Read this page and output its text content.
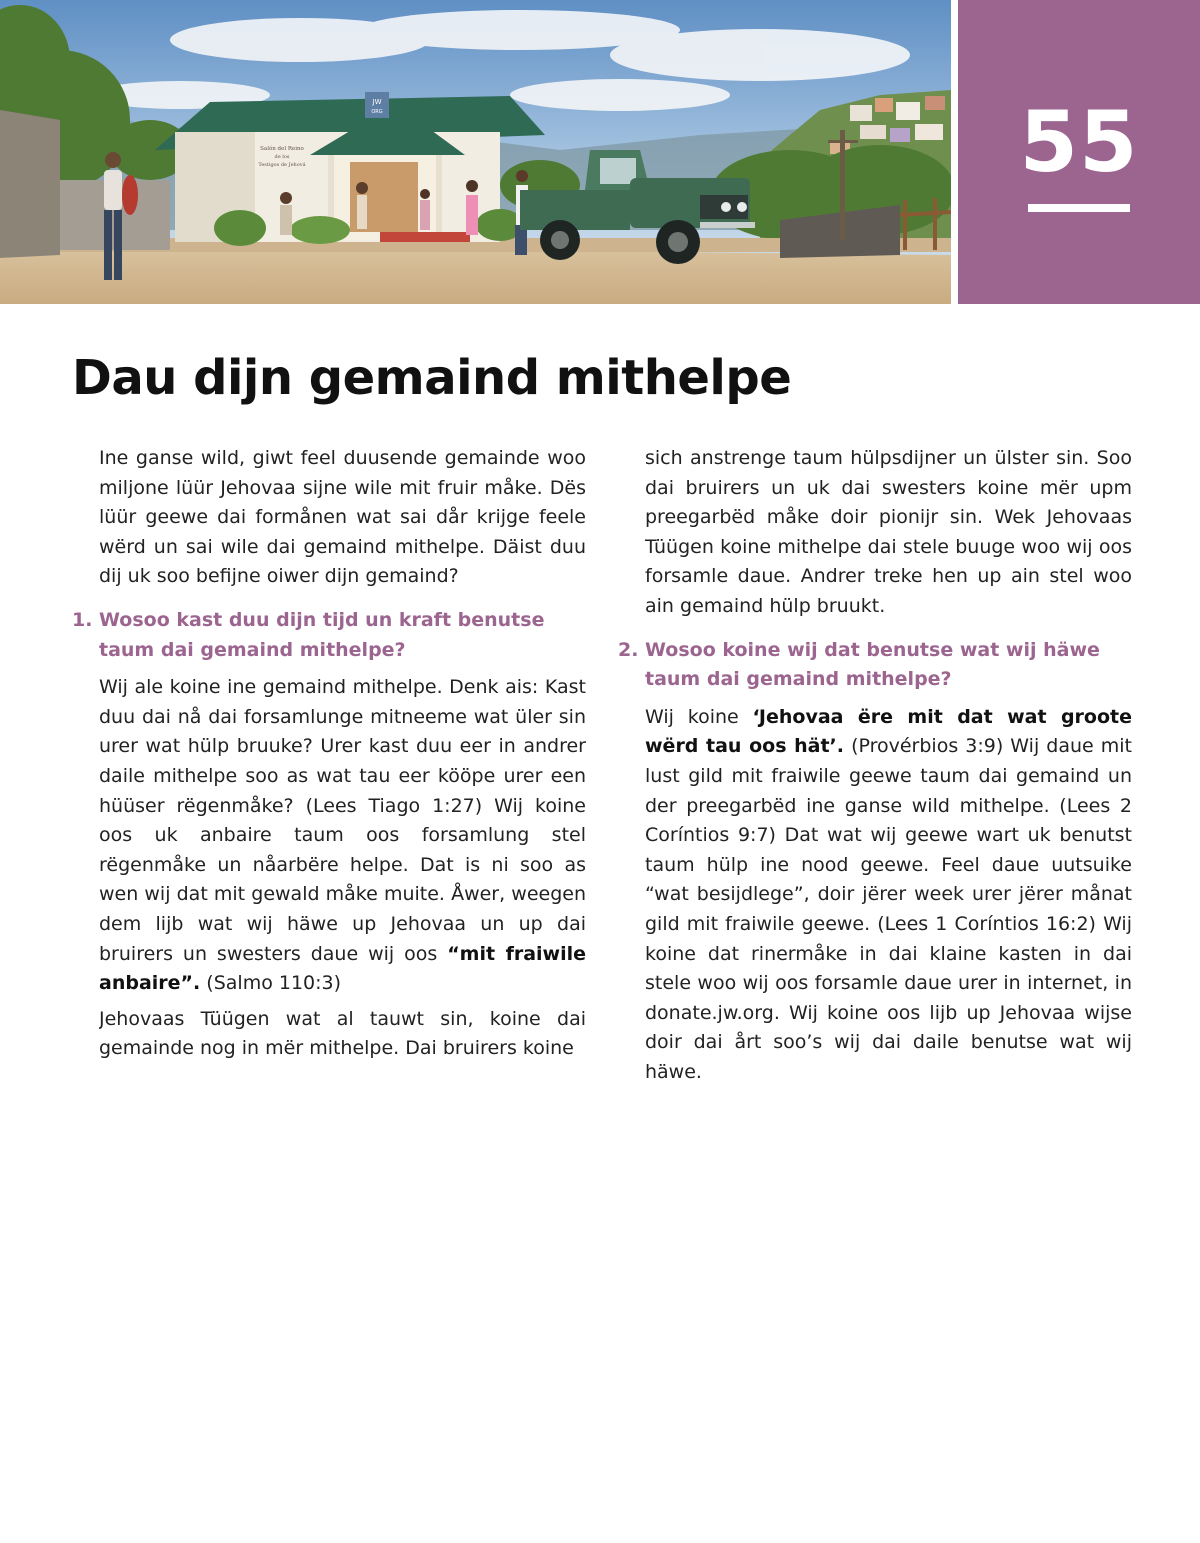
JW
ORG
Salón del Reino
de los
Testigos de Jehová	55
Dau dijn gemaind mithelpe

Ine ganse wild, giwt feel duusende gemainde woo miljone lüür Jehovaa sijne wile mit fruir måke. Dës lüür geewe dai formånen wat sai dår krijge feele wërd un sai wile dai gemaind mithelpe. Däist duu dij uk soo befijne oiwer dijn gemaind?

1. Wosoo kast duu dijn tijd un kraft benutse taum dai gemaind mithelpe?

Wij ale koine ine gemaind mithelpe. Denk ais: Kast duu dai nå dai forsamlunge mitneeme wat üler sin urer wat hülp bruuke? Urer kast duu eer in andrer daile mithelpe soo as wat tau eer kööpe urer een hüüser rëgenmåke? (Lees Tiago 1:27) Wij koine oos uk anbaire taum oos forsamlung stel rëgenmåke un nåarbëre helpe. Dat is ni soo as wen wij dat mit gewald måke muite. Åwer, weegen dem lijb wat wij häwe up Jehovaa un up dai bruirers un swesters daue wij oos “mit fraiwile anbaire”. (Salmo 110:3)

Jehovaas Tüügen wat al tauwt sin, koine dai gemainde nog in mër mithelpe. Dai bruirers koine

sich anstrenge taum hülpsdijner un ülster sin. Soo dai bruirers un uk dai swesters koine mër upm preegarbëd måke doir pionijr sin. Wek Jehovaas Tüügen koine mithelpe dai stele buuge woo wij oos forsamle daue. Andrer treke hen up ain stel woo ain gemaind hülp bruukt.

2. Wosoo koine wij dat benutse wat wij häwe taum dai gemaind mithelpe?

Wij koine ‘Jehovaa ëre mit dat wat groote wërd tau oos hät’. (Provérbios 3:9) Wij daue mit lust gild mit fraiwile geewe taum dai gemaind un der preegarbëd ine ganse wild mithelpe. (Lees 2 Coríntios 9:7) Dat wat wij geewe wart uk benutst taum hülp ine nood geewe. Feel daue uutsuike “wat besijdlege”, doir jërer week urer jërer månat gild mit fraiwile geewe. (Lees 1 Coríntios 16:2) Wij koine dat rinermåke in dai klaine kasten in dai stele woo wij oos forsamle daue urer in internet, in donate.jw.org. Wij koine oos lijb up Jehovaa wijse doir dai årt soo’s wij dai daile benutse wat wij häwe.
